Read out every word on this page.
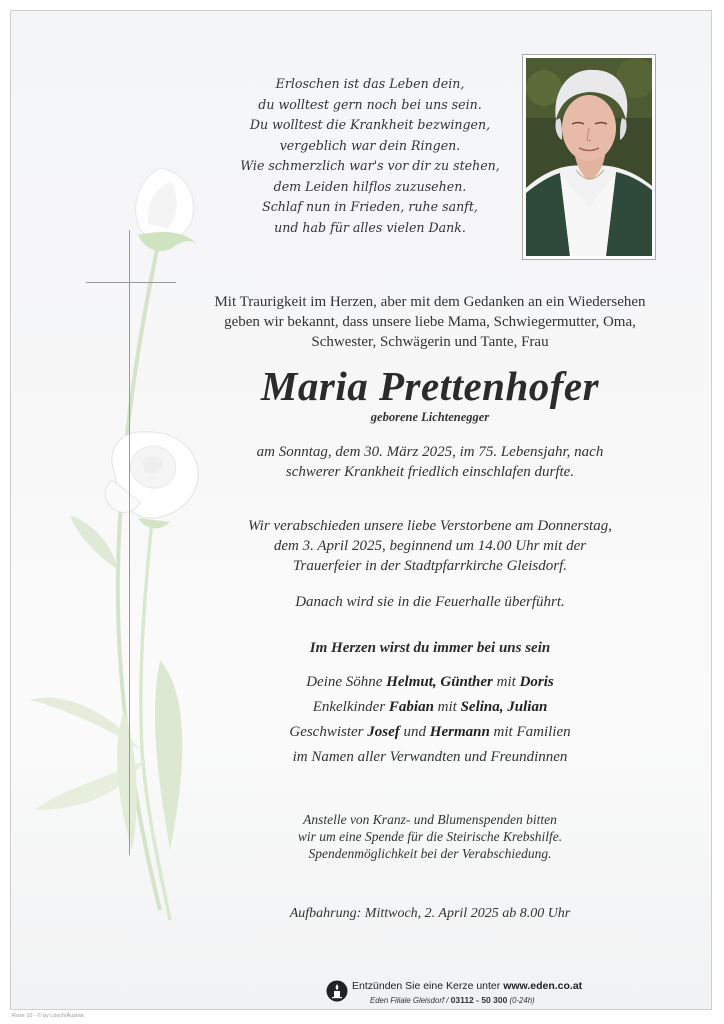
Erloschen ist das Leben dein,
du wolltest gern noch bei uns sein.
Du wolltest die Krankheit bezwingen,
vergeblich war dein Ringen.
Wie schmerzlich war's vor dir zu stehen,
dem Leiden hilflos zuzusehen.
Schlaf nun in Frieden, ruhe sanft,
und hab für alles vielen Dank.
Mit Traurigkeit im Herzen, aber mit dem Gedanken an ein Wiedersehen
geben wir bekannt, dass unsere liebe Mama, Schwiegermutter, Oma,
Schwester, Schwägerin und Tante, Frau
Maria Prettenhofer
geborene Lichtenegger
am Sonntag, dem 30. März 2025, im 75. Lebensjahr, nach
schwerer Krankheit friedlich einschlafen durfte.
Wir verabschieden unsere liebe Verstorbene am Donnerstag,
dem 3. April 2025, beginnend um 14.00 Uhr mit der
Trauerfeier in der Stadtpfarrkirche Gleisdorf.
Danach wird sie in die Feuerhalle überführt.
Im Herzen wirst du immer bei uns sein
Deine Söhne Helmut, Günther mit Doris
Enkelkinder Fabian mit Selina, Julian
Geschwister Josef und Hermann mit Familien
im Namen aller Verwandten und Freundinnen
Anstelle von Kranz- und Blumenspenden bitten
wir um eine Spende für die Steirische Krebshilfe.
Spendenmöglichkeit bei der Verabschiedung.
Aufbahrung: Mittwoch, 2. April 2025 ab 8.00 Uhr
Entzünden Sie eine Kerze unter www.eden.co.at
Eden Filiale Gleisdorf / 03112 - 50 300 (0-24h)
Rose 10 - © by Lösch/Austria
